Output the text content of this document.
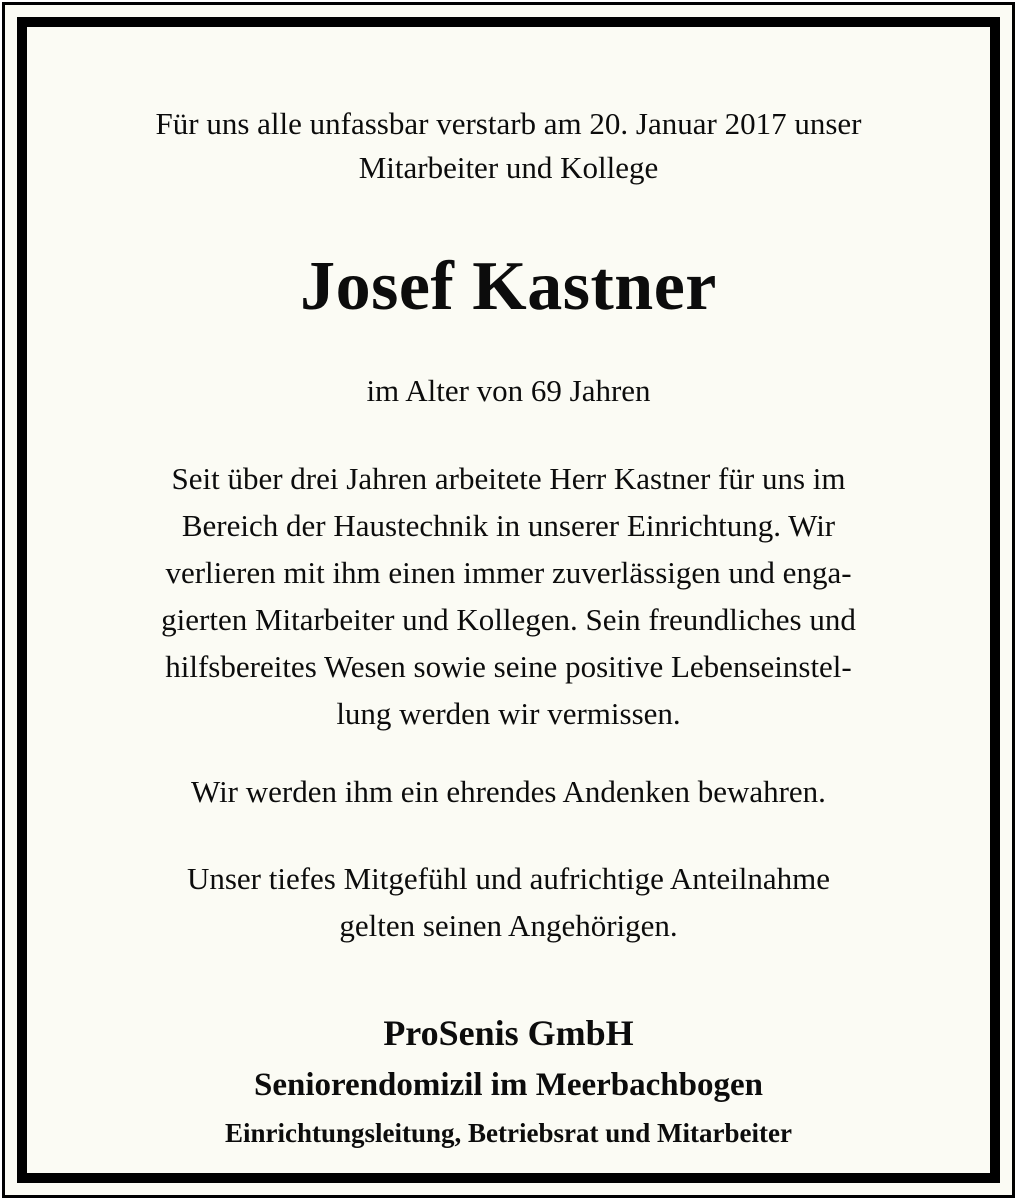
Für uns alle unfassbar verstarb am 20. Januar 2017 unser
Mitarbeiter und Kollege
Josef Kastner
im Alter von 69 Jahren
Seit über drei Jahren arbeitete Herr Kastner für uns im
Bereich der Haustechnik in unserer Einrichtung. Wir
verlieren mit ihm einen immer zuverlässigen und enga-
gierten Mitarbeiter und Kollegen. Sein freundliches und
hilfsbereites Wesen sowie seine positive Lebenseinstel-
lung werden wir vermissen.
Wir werden ihm ein ehrendes Andenken bewahren.
Unser tiefes Mitgefühl und aufrichtige Anteilnahme
gelten seinen Angehörigen.
ProSenis GmbH
Seniorendomizil im Meerbachbogen
Einrichtungsleitung, Betriebsrat und Mitarbeiter
